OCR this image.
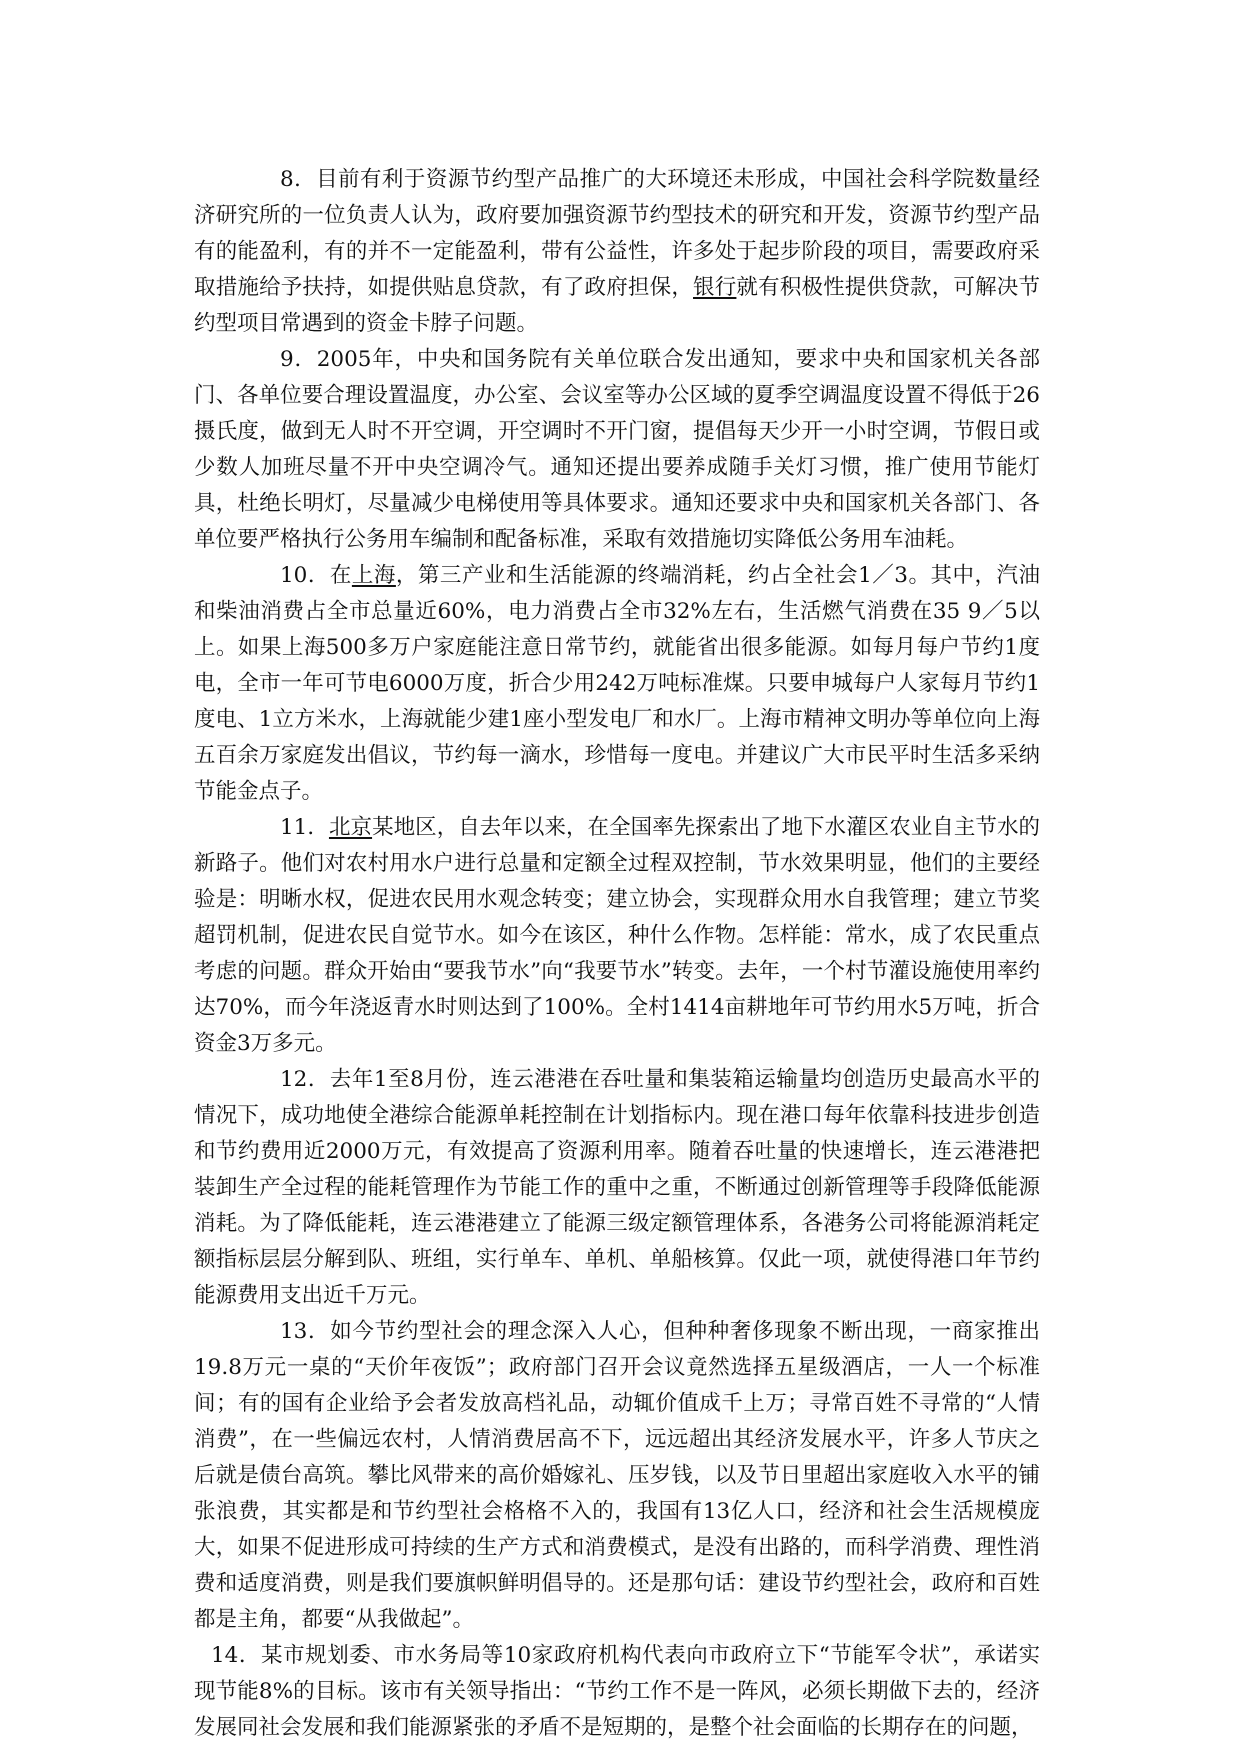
8．目前有利于资源节约型产品推广的大环境还未形成，中国社会科学院数量经济研究所的一位负责人认为，政府要加强资源节约型技术的研究和开发，资源节约型产品有的能盈利，有的并不一定能盈利，带有公益性，许多处于起步阶段的项目，需要政府采取措施给予扶持，如提供贴息贷款，有了政府担保，银行就有积极性提供贷款，可解决节约型项目常遇到的资金卡脖子问题。

9．2005年，中央和国务院有关单位联合发出通知，要求中央和国家机关各部门、各单位要合理设置温度，办公室、会议室等办公区域的夏季空调温度设置不得低于26摄氏度，做到无人时不开空调，开空调时不开门窗，提倡每天少开一小时空调，节假日或少数人加班尽量不开中央空调冷气。通知还提出要养成随手关灯习惯，推广使用节能灯具，杜绝长明灯，尽量减少电梯使用等具体要求。通知还要求中央和国家机关各部门、各单位要严格执行公务用车编制和配备标准，采取有效措施切实降低公务用车油耗。

10．在上海，第三产业和生活能源的终端消耗，约占全社会1／3。其中，汽油和柴油消费占全市总量近60%，电力消费占全市32%左右，生活燃气消费在35 9／5以上。如果上海500多万户家庭能注意日常节约，就能省出很多能源。如每月每户节约1度电，全市一年可节电6000万度，折合少用242万吨标准煤。只要申城每户人家每月节约1度电、1立方米水，上海就能少建1座小型发电厂和水厂。上海市精神文明办等单位向上海五百余万家庭发出倡议，节约每一滴水，珍惜每一度电。并建议广大市民平时生活多采纳节能金点子。

11．北京某地区，自去年以来，在全国率先探索出了地下水灌区农业自主节水的新路子。他们对农村用水户进行总量和定额全过程双控制，节水效果明显，他们的主要经验是：明晰水权，促进农民用水观念转变；建立协会，实现群众用水自我管理；建立节奖超罚机制，促进农民自觉节水。如今在该区，种什么作物。怎样能：常水，成了农民重点考虑的问题。群众开始由“要我节水”向“我要节水”转变。去年，一个村节灌设施使用率约达70%，而今年浇返青水时则达到了100%。全村1414亩耕地年可节约用水5万吨，折合资金3万多元。

12．去年1至8月份，连云港港在吞吐量和集装箱运输量均创造历史最高水平的情况下，成功地使全港综合能源单耗控制在计划指标内。现在港口每年依靠科技进步创造和节约费用近2000万元，有效提高了资源利用率。随着吞吐量的快速增长，连云港港把装卸生产全过程的能耗管理作为节能工作的重中之重，不断通过创新管理等手段降低能源消耗。为了降低能耗，连云港港建立了能源三级定额管理体系，各港务公司将能源消耗定额指标层层分解到队、班组，实行单车、单机、单船核算。仅此一项，就使得港口年节约能源费用支出近千万元。

13．如今节约型社会的理念深入人心，但种种奢侈现象不断出现，一商家推出19.8万元一桌的“天价年夜饭”；政府部门召开会议竟然选择五星级酒店，一人一个标准间；有的国有企业给予会者发放高档礼品，动辄价值成千上万；寻常百姓不寻常的“人情消费”，在一些偏远农村，人情消费居高不下，远远超出其经济发展水平，许多人节庆之后就是债台高筑。攀比风带来的高价婚嫁礼、压岁钱，以及节日里超出家庭收入水平的铺张浪费，其实都是和节约型社会格格不入的，我国有13亿人口，经济和社会生活规模庞大，如果不促进形成可持续的生产方式和消费模式，是没有出路的，而科学消费、理性消费和适度消费，则是我们要旗帜鲜明倡导的。还是那句话：建设节约型社会，政府和百姓都是主角，都要“从我做起”。

14．某市规划委、市水务局等10家政府机构代表向市政府立下“节能军令状”，承诺实现节能8%的目标。该市有关领导指出：“节约工作不是一阵风，必须长期做下去的，经济发展同社会发展和我们能源紧张的矛盾不是短期的，是整个社会面临的长期存在的问题，
